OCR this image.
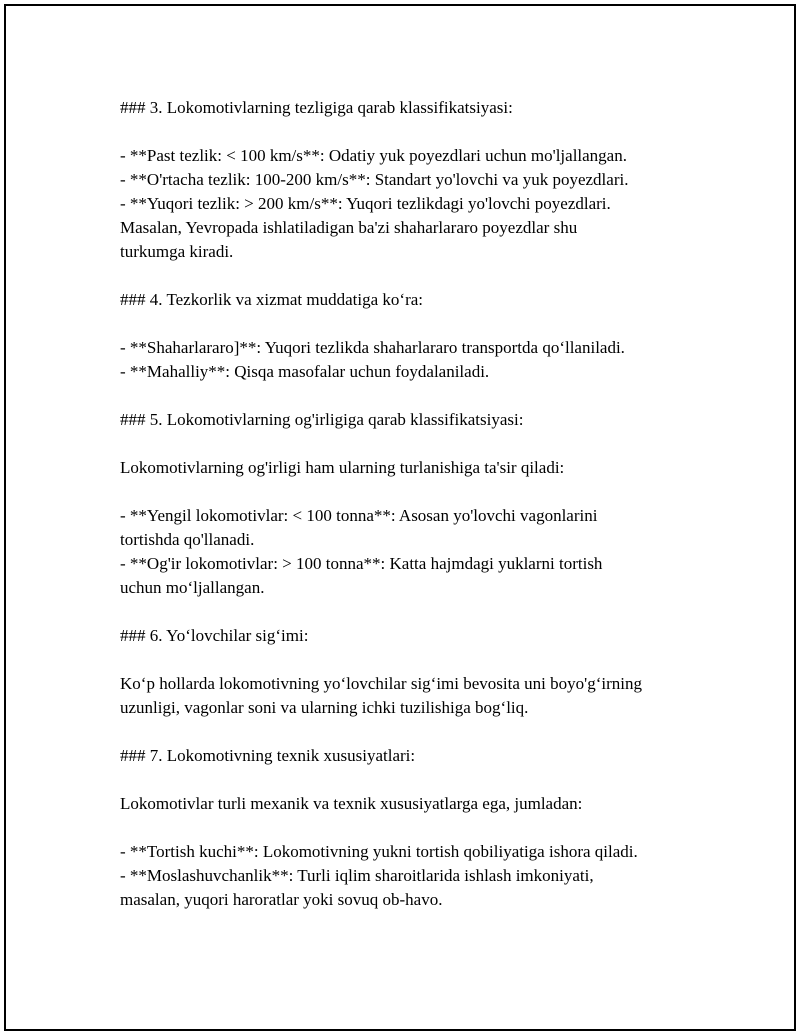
### 3. Lokomotivlarning tezligiga qarab klassifikatsiyasi:
- **Past tezlik: < 100 km/s**: Odatiy yuk poyezdlari uchun mo'ljallangan.
- **O'rtacha tezlik: 100-200 km/s**: Standart yo'lovchi va yuk poyezdlari.
- **Yuqori tezlik: > 200 km/s**: Yuqori tezlikdagi yo'lovchi poyezdlari.
Masalan, Yevropada ishlatiladigan ba'zi shaharlararo poyezdlar shu
turkumga kiradi.
### 4. Tezkorlik va xizmat muddatiga ko‘ra:
- **Shaharlararo]**: Yuqori tezlikda shaharlararo transportda qo‘llaniladi.
- **Mahalliy**: Qisqa masofalar uchun foydalaniladi.
### 5. Lokomotivlarning og'irligiga qarab klassifikatsiyasi:
Lokomotivlarning og'irligi ham ularning turlanishiga ta'sir qiladi:
- **Yengil lokomotivlar: < 100 tonna**: Asosan yo'lovchi vagonlarini
tortishda qo'llanadi.
- **Og'ir lokomotivlar: > 100 tonna**: Katta hajmdagi yuklarni tortish
uchun mo‘ljallangan.
### 6. Yo‘lovchilar sig‘imi:
Ko‘p hollarda lokomotivning yo‘lovchilar sig‘imi bevosita uni boyo'g‘irning
uzunligi, vagonlar soni va ularning ichki tuzilishiga bog‘liq.
### 7. Lokomotivning texnik xususiyatlari:
Lokomotivlar turli mexanik va texnik xususiyatlarga ega, jumladan:
- **Tortish kuchi**: Lokomotivning yukni tortish qobiliyatiga ishora qiladi.
- **Moslashuvchanlik**: Turli iqlim sharoitlarida ishlash imkoniyati,
masalan, yuqori haroratlar yoki sovuq ob-havo.
